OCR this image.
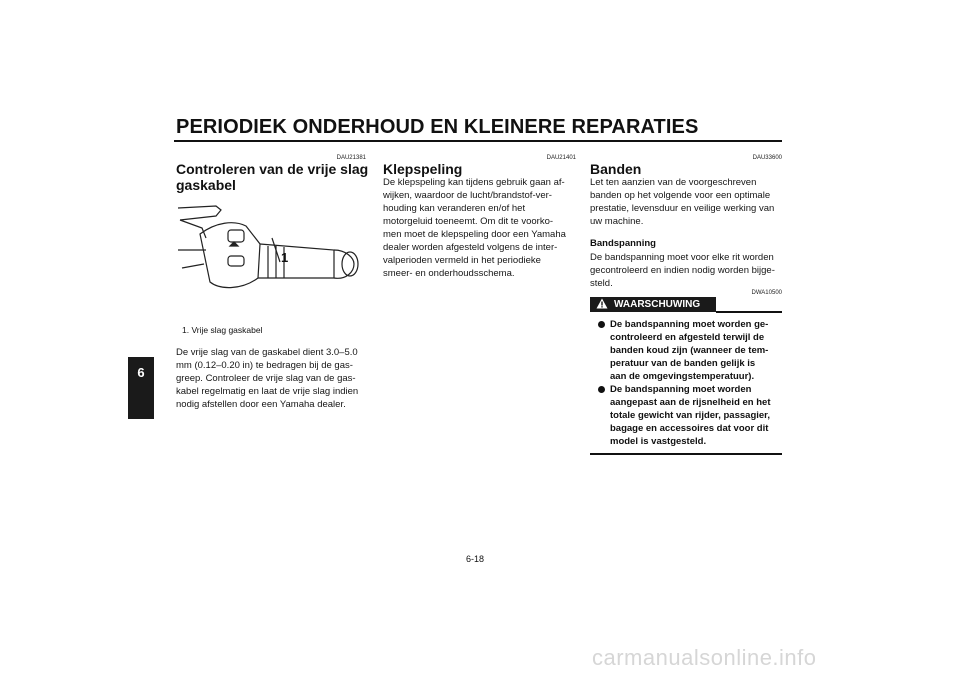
PERIODIEK ONDERHOUD EN KLEINERE REPARATIES
6
DAU21381
Controleren van de vrije slag
gaskabel
1
1. Vrije slag gaskabel
De vrije slag van de gaskabel dient 3.0–5.0
mm (0.12–0.20 in) te bedragen bij de gas-
greep. Controleer de vrije slag van de gas-
kabel regelmatig en laat de vrije slag indien
nodig afstellen door een Yamaha dealer.
DAU21401
Klepspeling
De klepspeling kan tijdens gebruik gaan af-
wijken, waardoor de lucht/brandstof-ver-
houding kan veranderen en/of het
motorgeluid toeneemt. Om dit te voorko-
men moet de klepspeling door een Yamaha
dealer worden afgesteld volgens de inter-
valperioden vermeld in het periodieke
smeer- en onderhoudsschema.
DAU33600
Banden
Let ten aanzien van de voorgeschreven
banden op het volgende voor een optimale
prestatie, levensduur en veilige werking van
uw machine.
Bandspanning
De bandspanning moet voor elke rit worden
gecontroleerd en indien nodig worden bijge-
steld.
DWA10500
WAARSCHUWING
De bandspanning moet worden ge-
controleerd en afgesteld terwijl de
banden koud zijn (wanneer de tem-
peratuur van de banden gelijk is
aan de omgevingstemperatuur).
De bandspanning moet worden
aangepast aan de rijsnelheid en het
totale gewicht van rijder, passagier,
bagage en accessoires dat voor dit
model is vastgesteld.
6-18
carmanualsonline.info
